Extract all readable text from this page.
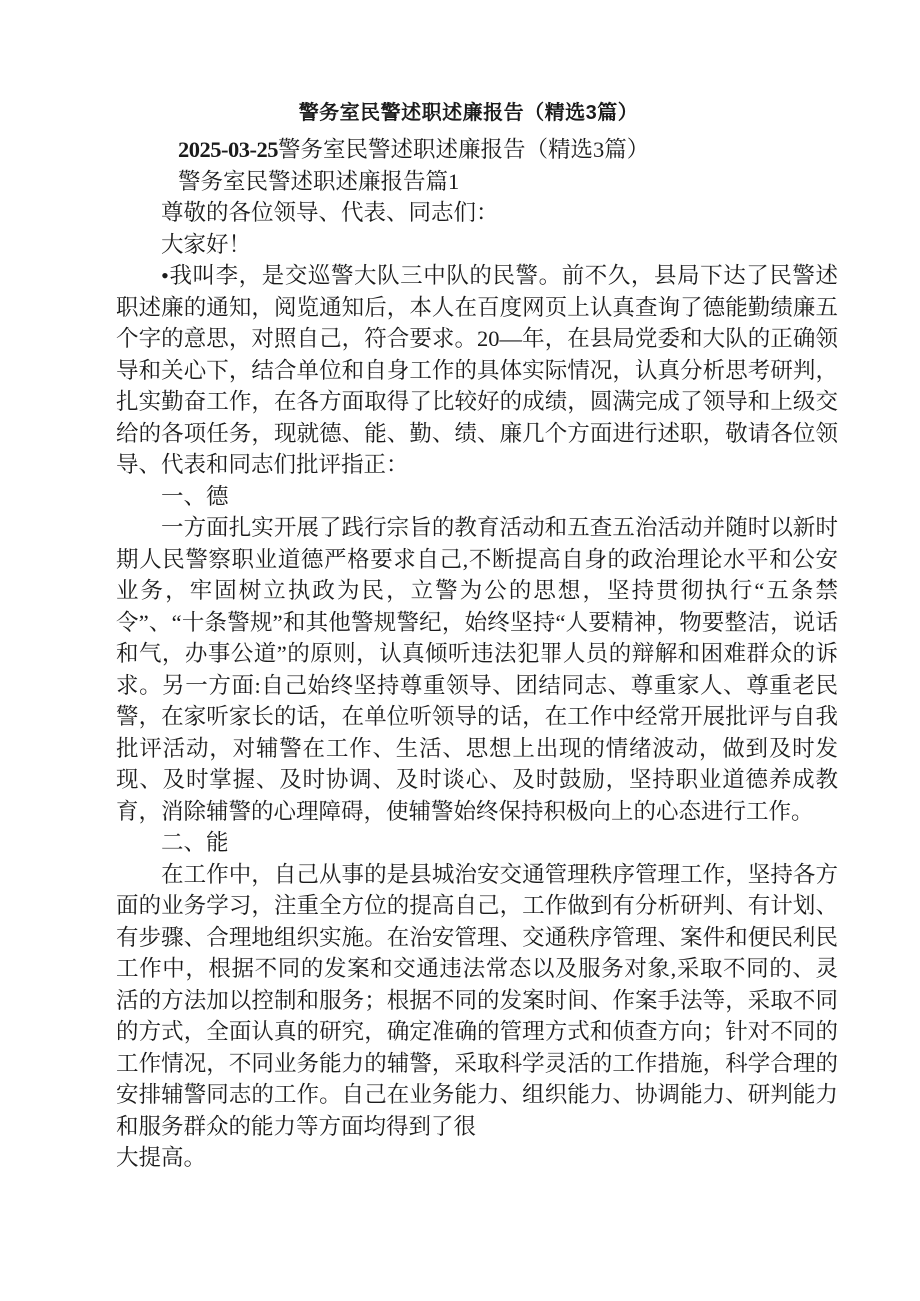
警务室民警述职述廉报告（精选3篇）

2025-03-25警务室民警述职述廉报告（精选3篇）

警务室民警述职述廉报告篇1

尊敬的各位领导、代表、同志们：

大家好！

•我叫李，是交巡警大队三中队的民警。前不久，县局下达了民警述职述廉的通知，阅览通知后，本人在百度网页上认真查询了德能勤绩廉五个字的意思，对照自己，符合要求。20—年，在县局党委和大队的正确领导和关心下，结合单位和自身工作的具体实际情况，认真分析思考研判，扎实勤奋工作，在各方面取得了比较好的成绩，圆满完成了领导和上级交给的各项任务，现就德、能、勤、绩、廉几个方面进行述职，敬请各位领导、代表和同志们批评指正：

一、德

一方面扎实开展了践行宗旨的教育活动和五查五治活动并随时以新时期人民警察职业道德严格要求自己,不断提高自身的政治理论水平和公安业务，牢固树立执政为民，立警为公的思想，坚持贯彻执行“五条禁令”、“十条警规”和其他警规警纪，始终坚持“人要精神，物要整洁，说话和气，办事公道”的原则，认真倾听违法犯罪人员的辩解和困难群众的诉求。另一方面:自己始终坚持尊重领导、团结同志、尊重家人、尊重老民警，在家听家长的话，在单位听领导的话，在工作中经常开展批评与自我批评活动，对辅警在工作、生活、思想上出现的情绪波动，做到及时发现、及时掌握、及时协调、及时谈心、及时鼓励，坚持职业道德养成教育，消除辅警的心理障碍，使辅警始终保持积极向上的心态进行工作。

二、能

在工作中，自己从事的是县城治安交通管理秩序管理工作，坚持各方面的业务学习，注重全方位的提高自己，工作做到有分析研判、有计划、有步骤、合理地组织实施。在治安管理、交通秩序管理、案件和便民利民工作中，根据不同的发案和交通违法常态以及服务对象,采取不同的、灵活的方法加以控制和服务；根据不同的发案时间、作案手法等，采取不同的方式，全面认真的研究，确定准确的管理方式和侦查方向；针对不同的工作情况，不同业务能力的辅警，采取科学灵活的工作措施，科学合理的安排辅警同志的工作。自己在业务能力、组织能力、协调能力、研判能力和服务群众的能力等方面均得到了很

大提高。
